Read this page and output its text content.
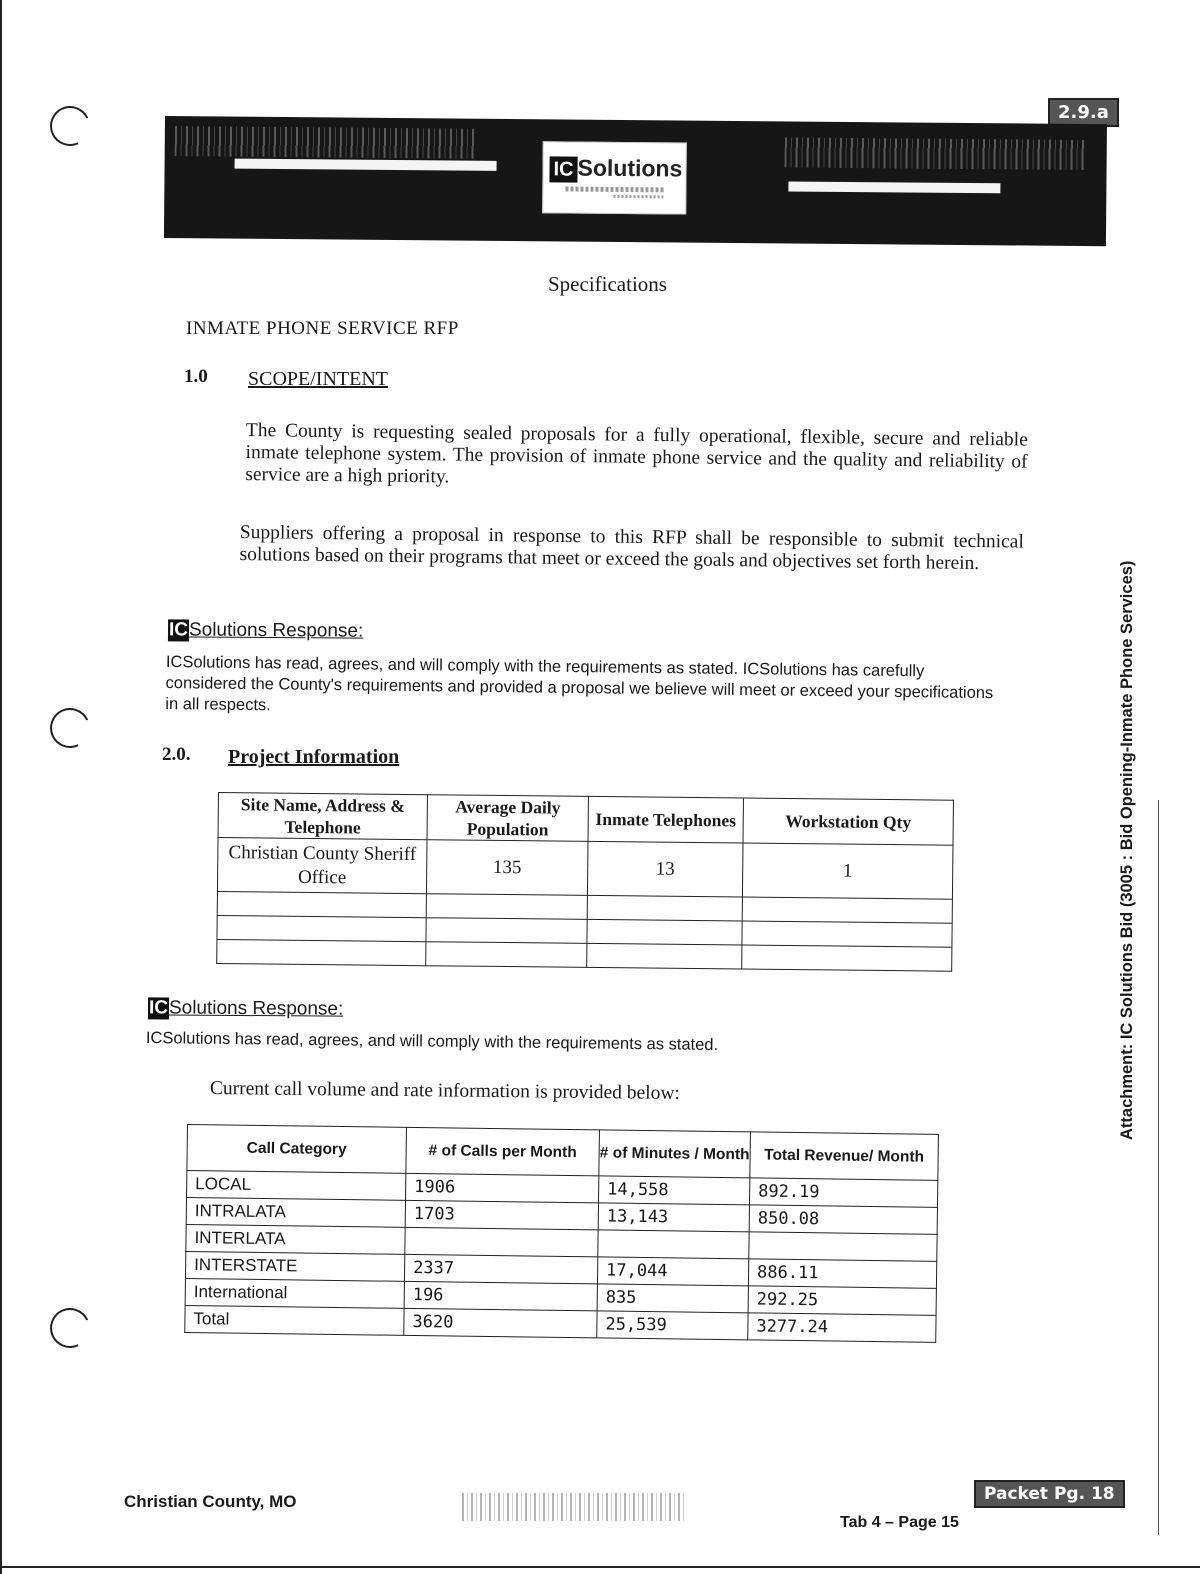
2.9.a
IC Solutions
Specifications
INMATE PHONE SERVICE RFP
1.0 SCOPE/INTENT
The County is requesting sealed proposals for a fully operational, flexible, secure and reliable inmate telephone system. The provision of inmate phone service and the quality and reliability of service are a high priority.
Suppliers offering a proposal in response to this RFP shall be responsible to submit technical solutions based on their programs that meet or exceed the goals and objectives set forth herein.
ICSolutions Response:
ICSolutions has read, agrees, and will comply with the requirements as stated. ICSolutions has carefully considered the County's requirements and provided a proposal we believe will meet or exceed your specifications in all respects.
2.0. Project Information
Site Name, Address & Telephone	Average Daily Population	Inmate Telephones	Workstation Qty
Christian County Sheriff Office	135	13	1

ICSolutions Response:
ICSolutions has read, agrees, and will comply with the requirements as stated.
Current call volume and rate information is provided below:
Call Category	# of Calls per Month	# of Minutes / Month	Total Revenue/ Month
LOCAL	1906	14,558	892.19
INTRALATA	1703	13,143	850.08
INTERLATA			
INTERSTATE	2337	17,044	886.11
International	196	835	292.25
Total	3620	25,539	3277.24
Attachment: IC Solutions Bid (3005 : Bid Opening-Inmate Phone Services)
Christian County, MO
Tab 4 – Page 15
Packet Pg. 18
